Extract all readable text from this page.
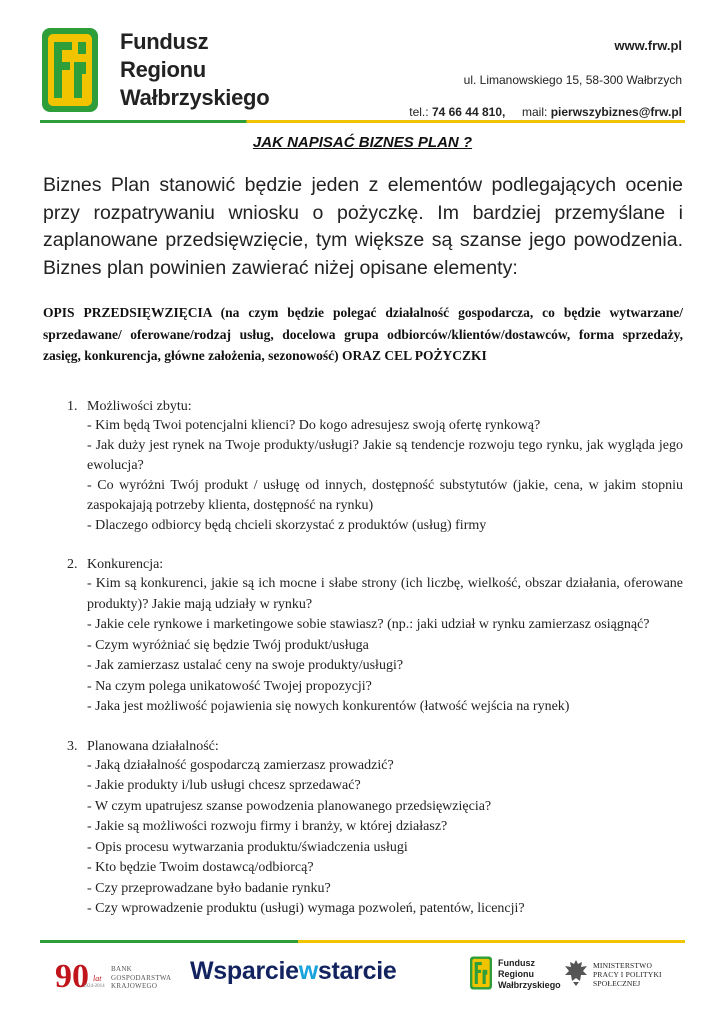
Fundusz
Regionu
Wałbrzyskiego
www.frw.pl
ul. Limanowskiego 15, 58-300 Wałbrzych
tel.: 74 66 44 810, mail: pierwszybiznes@frw.pl
JAK NAPISAĆ BIZNES PLAN ?
Biznes Plan stanowić będzie jeden z elementów podlegających ocenie przy rozpatrywaniu wniosku o pożyczkę. Im bardziej przemyślane i zaplanowane przedsięwzięcie, tym większe są szanse jego powodzenia. Biznes plan powinien zawierać niżej opisane elementy:
OPIS PRZEDSIĘWZIĘCIA (na czym będzie polegać działalność gospodarcza, co będzie wytwarzane/ sprzedawane/ oferowane/rodzaj usług, docelowa grupa odbiorców/klientów/dostawców, forma sprzedaży, zasięg, konkurencja, główne założenia, sezonowość) ORAZ CEL POŻYCZKI
1. Możliwości zbytu:
- Kim będą Twoi potencjalni klienci? Do kogo adresujesz swoją ofertę rynkową?
- Jak duży jest rynek na Twoje produkty/usługi? Jakie są tendencje rozwoju tego rynku, jak wygląda jego ewolucja?
- Co wyróżni Twój produkt / usługę od innych, dostępność substytutów (jakie, cena, w jakim stopniu zaspokajają potrzeby klienta, dostępność na rynku)
- Dlaczego odbiorcy będą chcieli skorzystać z produktów (usług) firmy
2. Konkurencja:
- Kim są konkurenci, jakie są ich mocne i słabe strony (ich liczbę, wielkość, obszar działania, oferowane produkty)? Jakie mają udziały w rynku?
- Jakie cele rynkowe i marketingowe sobie stawiasz? (np.: jaki udział w rynku zamierzasz osiągnąć?
- Czym wyróżniać się będzie Twój produkt/usługa
- Jak zamierzasz ustalać ceny na swoje produkty/usługi?
- Na czym polega unikatowość Twojej propozycji?
- Jaka jest możliwość pojawienia się nowych konkurentów (łatwość wejścia na rynek)
3. Planowana działalność:
- Jaką działalność gospodarczą zamierzasz prowadzić?
- Jakie produkty i/lub usługi chcesz sprzedawać?
- W czym upatrujesz szanse powodzenia planowanego przedsięwzięcia?
- Jakie są możliwości rozwoju firmy i branży, w której działasz?
- Opis procesu wytwarzania produktu/świadczenia usługi
- Kto będzie Twoim dostawcą/odbiorcą?
- Czy przeprowadzane było badanie rynku?
- Czy wprowadzenie produktu (usługi) wymaga pozwoleń, patentów, licencji?
90 lat
1924-2014
BANK
GOSPODARSTWA
KRAJOWEGO
Wsparciewstarcie	Fundusz
Regionu
Wałbrzyskiego
MINISTERSTWO
PRACY I POLITYKI
SPOŁECZNEJ
